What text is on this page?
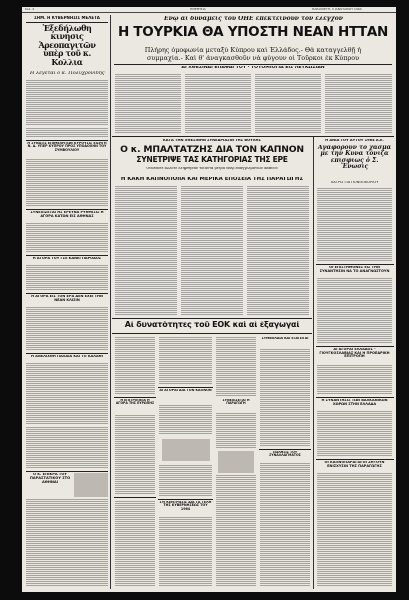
Σελ. 4	ΗΜΕΡΗΣΙΑ	ΠΑΡΑΣΚΕΥΗ, 3 ΙΑΝΟΥΑΡΙΟΥ 1964
ΣΗΜ. Η ΚΥΒΕΡΝΗΣΙΣ ΜΕΛΕΤΑ
Ἐξεδήλωθη κινησις Ἀρεοπαγιτῶν ὑπὲρ τοῦ κ. Κολλια
Ἡ λέγεται ὁ κ. Πολυχρονίδης
Η ΣΥΝΑΞΙΣ ΕΠΙΜΕΛΗΤΩΝ ΚΥΡΟΥΣΙΣ ΕΙΣΗΓΗ Ν. Δ. ΥΠΕΡ ΚΥΠΡΟΥ ΠΡΟΣ ΥΠΟΔΟΧΗΝ ΤΟΥ ΣΥΜΒΟΥΛΙΟΥ
ΣΥΝΕΧΙΖΕΤΑΙ ΗΣ ΕΡΕΥΝΑ ΡΥΘΜΙΣΙΣ Η ΑΓΟΡΑ ΚΑΤΩΝ ΕΙΣ ΑΘΗΝΑΣ
Η ΑΓΟΡΑ ΤΟΥ ΓΣΕ ΚΑΝΕΙ ΠΑΡΟΔΟΣ
Η ΑΓΟΡΑ ΕΙΣ ΤΟΝ ΕΡΑ ΔΕΝ ΕΧΕΙ ΤΗΝ ΝΕΑΝ ΚΛΙΣΙΝ
Η ΑΝΕΛΙΧΘΗ ΠΑΛΑΙΑ ΚΑΙ ΤΟ ΚΑΛΑΘΙ
Ο Κ. ΕΠΙΚΡΑ ΤΟΥ ΠΑΡΑΣΤΑΤΙΚΟΥ ΣΤΟ ΑΘΗΝΑΙ
Ἐνῷ αἱ δυνάμεις τοῦ ΟΗΕ ἐπεκτείνουν τὸν ἔλεγχον
Η ΤΟΥΡΚΙΑ ΘΑ ΥΠΟΣΤΗ ΝΕΑΝ ΗΤΤΑΝ
Πλήρης ὁμοφωνία μεταξὺ Κύπρου καὶ Ἑλλάδος.- Θὰ καταγγελθῇ ἡ
συμμαχία.- Καὶ θ' ἀναγκασθοῦν νὰ φύγουν οἱ Τοῦρκοι ἐκ Κύπρου
ΑΙ ΧΘΕΣΙΝΑΙ ΕΠΑΦΑΙ ΤΟΥ · ΤΟΥΟΜΙΟΓΙΑ ΕΙΣ ΛΕΥΚΩΣΙΑΝ
ΚΑΤΑ ΤΗΝ ΧΘΕΣΙΝΗΝ ΣΥΝΕΔΡΙΑΣΙΝ ΤΗΣ ΒΟΥΛΗΣ
Ο κ. ΜΠΑΛΤΑΤΖΗΣ ΔΙΑ ΤΟΝ ΚΑΠΝΟΝ
ΣΥΝΕΤΡΙΨΕ ΤΑΣ ΚΑΤΗΓΟΡΙΑΣ ΤΗΣ ΕΡΕ
Οὐδέποτε ἄλλοτε ἐλήφθησαν τοιαῦτα μέτρα ὑπὲρ ἐπαγγελματιῶν καπνοῦ
Η ΚΑΚΗ ΚΑΠΝΟΠΟΙΙΑ ΚΑΙ ΜΕΡΙΚΑ ΕΠΟΣΕΙΑ ΤΗΣ ΠΑΡΑΓΩΓΗΣ
Η ΑΝΙΑ ΤΟΥ ΑΥΤΟΥ 1964 Α.Ε.
Ἀγαφοροῦν τὸ χασμα με την Κυνα τονιζα επισφιως ὁ Σ. Ἔνωσις
ΠΑΤΡΙΣ ΓΙΑ ΠΟΝΠΟΚΟΡΙΟΥ
ΟΙ ΕΠΙΣΤΗΜΟΝΕΣ ΕΙΣ ΤΗΝ ΣΥΝΑΝΤΗΣΙΝ ΝΑ ΤΟ ΑΝΑΓΝΩΣΤΟΥΝ
ΑΙ ΑΓΟΡΑΙ ΕΛΛΑΔΟΣ - ΓΙΟΥΓΚΟΣΛΑΒΙΑΣ ΚΑΙ Η ΠΡΟΕΔΡΙΚΗ ΕΠΙΤΡΟΠΗ
Η ΣΥΝΑΝΤΗΣΙΣ ΤΩΝ ΒΑΛΚΑΝΙΚΩΝ ΧΩΡΩΝ ΣΤΗΝ ΕΛΛΑΔΑ
ΟΙ ΚΑΠΝΟΠΑΡΑΓΩΓΟΙ ΖΗΤΟΥΝ ΕΝΙΣΧΥΣΙΝ ΤΗΣ ΠΑΡΑΓΩΓΗΣ
Αἱ δυνατότητες τοῦ ΕΟΚ καὶ αἱ ἐξαγωγαί
Η ΕΠΙΤΡΟΠΕΙΑ Η ΑΓΟΡΑ ΤΗΣ ΕΥΡΩΠΗΣ
ΑΙ ΑΓΟΡΑΙ ΔΙΑ ΤΟΝ ΚΑΠΝΟΝ
ΣΥΓΚΕΝΤΡΩΣΙΣ ΔΙΑ ΤΑ ΤΕΛΗ ΤΗΣ ΚΥΒΕΡΝΗΣΕΩΣ ΤΟΥ 1964
ΣΥΝΕΧΙΖΕΤΑΙ Η ΠΑΡΑΓΩΓΗ
ΣΥΜΒΟΛΑΙΑ ΚΑΙ ΕΞΑΓΩΓΑΙ
ΠΩΛΗΣΙΣ ΤΟΥ ΣΥΝΑΛΛΑΓΜΑΤΟΣ
